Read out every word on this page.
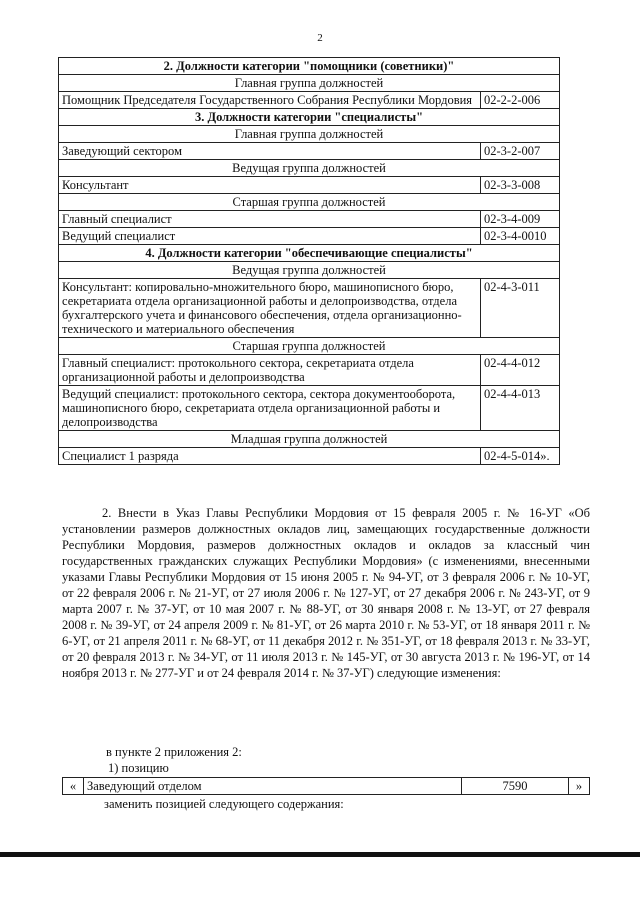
2
2. Должности категории "помощники (советники)"	
Главная группа должностей	
Помощник Председателя Государственного Собрания Республики Мордовия	02-2-2-006
3. Должности категории "специалисты"	
Главная группа должностей	
Заведующий сектором	02-3-2-007
Ведущая группа должностей	
Консультант	02-3-3-008
Старшая группа должностей	
Главный специалист	02-3-4-009
Ведущий специалист	02-3-4-0010
4. Должности категории "обеспечивающие специалисты"	
Ведущая группа должностей	
Консультант: копировально-множительного бюро, машинописного бюро, секретариата отдела организационной работы и делопроизводства, отдела бухгалтерского учета и финансового обеспечения, отдела организационно-технического и материального обеспечения	02-4-3-011
Старшая группа должностей	
Главный специалист: протокольного сектора, секретариата отдела организационной работы и делопроизводства	02-4-4-012
Ведущий специалист: протокольного сектора, сектора документооборота, машинописного бюро, секретариата отдела организационной работы и делопроизводства	02-4-4-013
Младшая группа должностей	
Специалист 1 разряда	02-4-5-014».

2. Внести в Указ Главы Республики Мордовия от 15 февраля 2005 г. № 16-УГ «Об установлении размеров должностных окладов лиц, замещающих государственные должности Республики Мордовия, размеров должностных окладов и окладов за классный чин государственных гражданских служащих Республики Мордовия» (с изменениями, внесенными указами Главы Республики Мордовия от 15 июня 2005 г. № 94-УГ, от 3 февраля 2006 г. № 10-УГ, от 22 февраля 2006 г. № 21-УГ, от 27 июля 2006 г. № 127-УГ, от 27 декабря 2006 г. № 243-УГ, от 9 марта 2007 г. № 37-УГ, от 10 мая 2007 г. № 88-УГ, от 30 января 2008 г. № 13-УГ, от 27 февраля 2008 г. № 39-УГ, от 24 апреля 2009 г. № 81-УГ, от 26 марта 2010 г. № 53-УГ, от 18 января 2011 г. № 6-УГ, от 21 апреля 2011 г. № 68-УГ, от 11 декабря 2012 г. № 351-УГ, от 18 февраля 2013 г. № 33-УГ, от 20 февраля 2013 г. № 34-УГ, от 11 июля 2013 г. № 145-УГ, от 30 августа 2013 г. № 196-УГ, от 14 ноября 2013 г. № 277-УГ и от 24 февраля 2014 г. № 37-УГ) следующие изменения:

в пункте 2 приложения 2:
1) позицию
«	Заведующий отделом	7590	»
заменить позицией следующего содержания:
